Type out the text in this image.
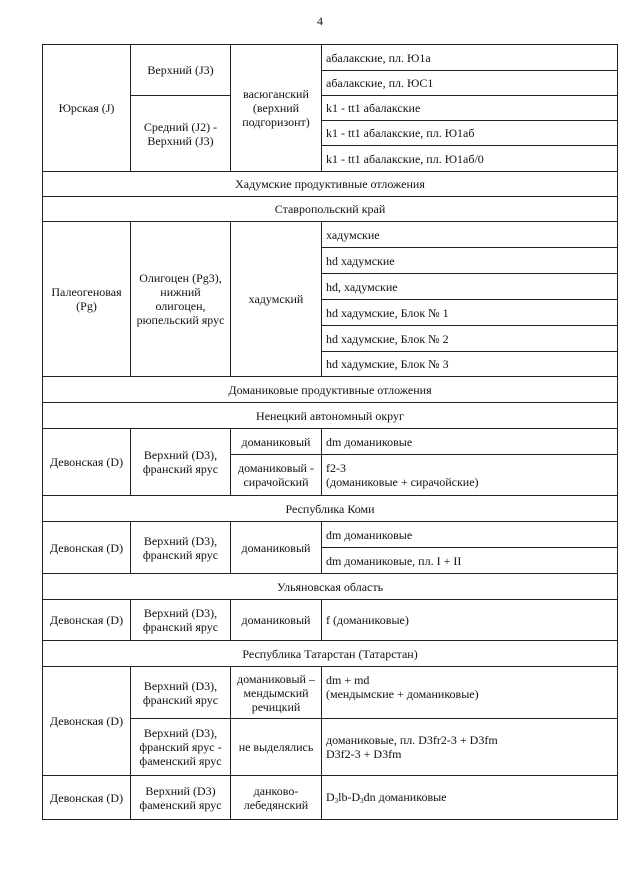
4
Юрская (J)	Верхний (J3)	васюганский (верхний подгоризонт)	абалакские, пл. Ю1а
			абалакские, пл. ЮС1
	Средний (J2) - Верхний (J3)		k1 - tt1 абалакские
			k1 - tt1 абалакские, пл. Ю1аб
			k1 - tt1 абалакские, пл. Ю1аб/0
Хадумские продуктивные отложения			
Ставропольский край			
Палеогеновая (Pg)	Олигоцен (Pg3), нижний олигоцен, рюпельский ярус	хадумский	хадумские
			hd хадумские
			hd, хадумские
			hd хадумские, Блок № 1
			hd хадумские, Блок № 2
			hd хадумские, Блок № 3
Доманиковые продуктивные отложения			
Ненецкий автономный округ			
Девонская (D)	Верхний (D3), франский ярус	доманиковый	dm доманиковые
		доманиковый - сирачойский	f2-3
(доманиковые + сирачойские)

Республика Коми			
Девонская (D)	Верхний (D3), франский ярус	доманиковый	dm доманиковые
			dm доманиковые, пл. I + II
Ульяновская область			
Девонская (D)	Верхний (D3), франский ярус	доманиковый	f (доманиковые)
Республика Татарстан (Татарстан)			
Девонская (D)	Верхний (D3), франский ярус	доманиковый – мендымский речицкий	dm + md
(мендымские + доманиковые)

	Верхний (D3), франский ярус - фаменский ярус	не выделялись	доманиковые, пл. D3fr2-3 + D3fm
D3f2-3 + D3fm

Девонская (D)	Верхний (D3) фаменский ярус	данково-лебедянский	D3lb-D3dn доманиковые
